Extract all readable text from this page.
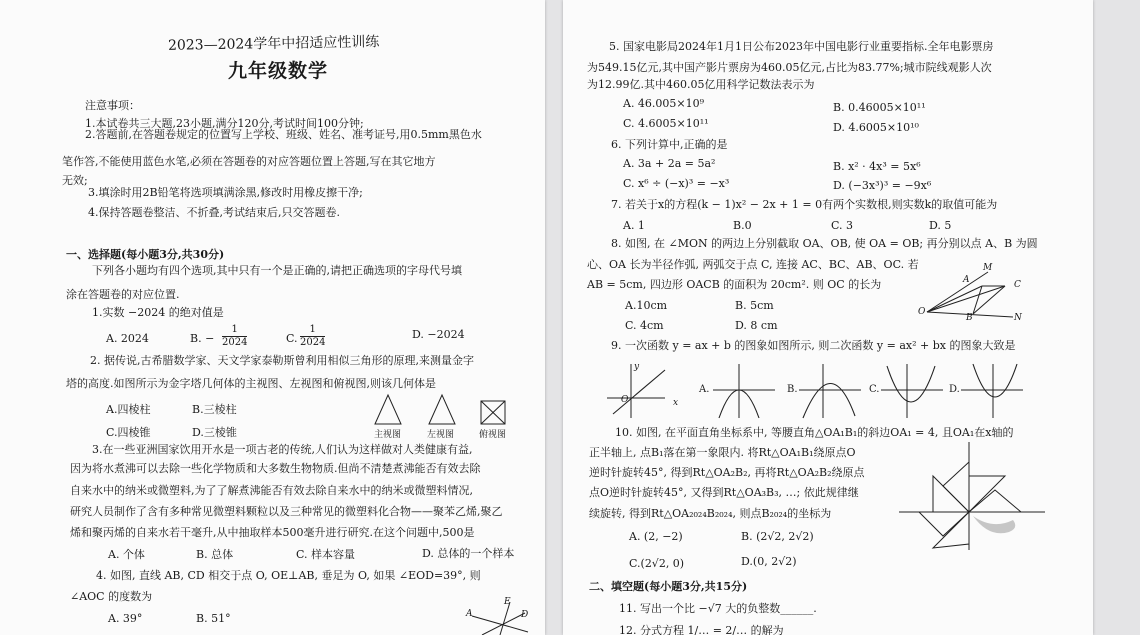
2023—2024学年中招适应性训练
九年级数学
注意事项：
1.本试卷共三大题,23小题,满分120分,考试时间100分钟;
2.答题前,在答题卷规定的位置写上学校、班级、姓名、准考证号,用0.5mm黑色水
笔作答,不能使用蓝色水笔,必须在答题卷的对应答题位置上答题,写在其它地方
无效;
3.填涂时用2B铅笔将选项填满涂黑,修改时用橡皮擦干净;
4.保持答题卷整洁、不折叠,考试结束后,只交答题卷.
一、选择题(每小题3分,共30分)
下列各小题均有四个选项,其中只有一个是正确的,请把正确选项的字母代号填
涂在答题卷的对应位置.
1.实数 −2024 的绝对值是
A. 2024	B. − $\frac{1}{2024}$	C. $\frac{1}{2024}$	D. −2024
2. 据传说,古希腊数学家、天文学家泰勒斯曾利用相似三角形的原理,来测量金字
塔的高度.如图所示为金字塔几何体的主视图、左视图和俯视图,则该几何体是
A.四棱柱	B.三棱柱
C.四棱锥	D.三棱锥	主视图	左视图	俯视图
3.在一些亚洲国家饮用开水是一项古老的传统,人们认为这样做对人类健康有益,
因为将水煮沸可以去除一些化学物质和大多数生物物质.但尚不清楚煮沸能否有效去除
自来水中的纳米或微塑料,为了了解煮沸能否有效去除自来水中的纳米或微塑料情况,
研究人员制作了含有多种常见微塑料颗粒以及三种常见的微塑料化合物——聚苯乙烯,聚乙
烯和聚丙烯的自来水若干毫升,从中抽取样本500毫升进行研究.在这个问题中,500是
A. 个体	B. 总体	C. 样本容量	D. 总体的一个样本
4. 如图, 直线 AB, CD 相交于点 O, OE⊥AB, 垂足为 O, 如果 ∠EOD=39°, 则
∠AOC 的度数为
A. 39°	B. 51°
E
A	D
5. 国家电影局2024年1月1日公布2023年中国电影行业重要指标.全年电影票房
为549.15亿元,其中国产影片票房为460.05亿元,占比为83.77%;城市院线观影人次
为12.99亿.其中460.05亿用科学记数法表示为
A. 46.005×10⁹	B. 0.46005×10¹¹
C. 4.6005×10¹¹	D. 4.6005×10¹⁰
6. 下列计算中,正确的是
A. 3a + 2a = 5a²	B. x² · 4x³ = 5x⁶
C. x⁶ ÷ (−x)³ = −x³	D. (−3x³)³ = −9x⁶
7. 若关于x的方程(k − 1)x² − 2x + 1 = 0有两个实数根,则实数k的取值可能为
A. 1	B.0	C. 3	D. 5
8. 如图, 在 ∠MON 的两边上分别截取 OA、OB, 使 OA = OB; 再分别以点 A、B 为圆
心、OA 长为半径作弧, 两弧交于点 C, 连接 AC、BC、AB、OC. 若
AB = 5cm, 四边形 OACB 的面积为 20cm². 则 OC 的长为
A.10cm	B. 5cm
C. 4cm	D. 8 cm
M
A	C
O
B	N
9. 一次函数 y = ax + b 的图象如图所示, 则二次函数 y = ax² + bx 的图象大致是
y
O	x
A.	B.	C.	D.
10. 如图, 在平面直角坐标系中, 等腰直角△OA₁B₁的斜边OA₁ = 4, 且OA₁在x轴的
正半轴上, 点B₁落在第一象限内. 将Rt△OA₁B₁绕原点O
逆时针旋转45°, 得到Rt△OA₂B₂, 再将Rt△OA₂B₂绕原点
点O逆时针旋转45°, 又得到Rt△OA₃B₃, …; 依此规律继
续旋转, 得到Rt△OA₂₀₂₄B₂₀₂₄, 则点B₂₀₂₄的坐标为
A. (2, −2)	B. (2√2, 2√2)
C.(2√2, 0)	D.(0, 2√2)
二、填空题(每小题3分,共15分)
11. 写出一个比 −√7 大的负整数______.
12. 分式方程 1/… = 2/… 的解为
